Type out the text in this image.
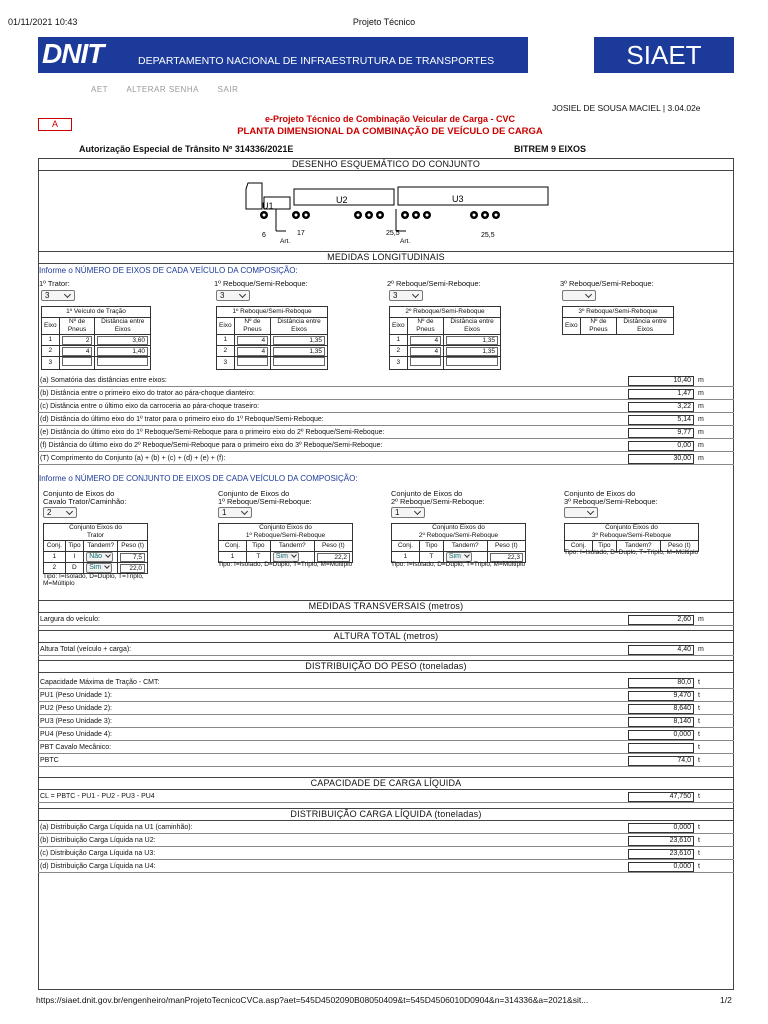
01/11/2021 10:43	Projeto Técnico
DNIT	DEPARTAMENTO NACIONAL DE INFRAESTRUTURA DE TRANSPORTES	SIAET
AET ALTERAR SENHA SAIR
JOSIEL DE SOUSA MACIEL | 3.04.02e
A	e-Projeto Técnico de Combinação Veicular de Carga - CVC
PLANTA DIMENSIONAL DA COMBINAÇÃO DE VEÍCULO DE CARGA
Autorização Especial de Trânsito Nº 314336/2021E	BITREM 9 EIXOS
DESENHO ESQUEMÁTICO DO CONJUNTO
U1
U2	U3
6	17	25,5	25,5
Art.	Art.
MEDIDAS LONGITUDINAIS
Informe o NÚMERO DE EIXOS DE CADA VEÍCULO DA COMPOSIÇÃO:
1º Trator:
3
1º Veículo de Tração		
Eixo	Nº de Pneus	Distância entre Eixos
1	2	3,60
2	4	1,40
3		
1º Reboque/Semi-Reboque:
3
1º Reboque/Semi-Reboque		
Eixo	Nº de Pneus	Distância entre Eixos
1	4	1,35
2	4	1,35
3		
2º Reboque/Semi-Reboque:
3
2º Reboque/Semi-Reboque		
Eixo	Nº de Pneus	Distância entre Eixos
1	4	1,35
2	4	1,35
3		
3º Reboque/Semi-Reboque:
3º Reboque/Semi-Reboque
Eixo	Nº de Pneus	Distância entre Eixos
(a) Somatória das distâncias entre eixos:	10,40	m
(b) Distância entre o primeiro eixo do trator ao pára-choque dianteiro:	1,47	m
(c) Distância entre o último eixo da carroceria ao pára-choque traseiro:	3,22	m
(d) Distância do último eixo do 1º trator para o primeiro eixo do 1º Reboque/Semi-Reboque:	5,14	m
(e) Distância do último eixo do 1º Reboque/Semi-Reboque para o primeiro eixo do 2º Reboque/Semi-Reboque:	9,77	m
(f) Distância do último eixo do 2º Reboque/Semi-Reboque para o primeiro eixo do 3º Reboque/Semi-Reboque:	0,00	m
(T) Comprimento do Conjunto (a) + (b) + (c) + (d) + (e) + (f):	30,00	m
Informe o NÚMERO DE CONJUNTO DE EIXOS DE CADA VEÍCULO DA COMPOSIÇÃO:
Conjunto de Eixos do
Cavalo Trator/Caminhão:
2
Conjunto Eixos do
Trator			

Conj.	Tipo	Tandem?	Peso (t)
1	I	Não	7,5
2	D	Sim	22,0
Tipo: I=Isolado, D=Duplo, T=Triplo, M=Múltiplo
Conjunto de Eixos do
1º Reboque/Semi-Reboque:
1
Conjunto Eixos do
1º Reboque/Semi-Reboque			

Conj.	Tipo	Tandem?	Peso (t)
1	T	Sim	22,2
Tipo: I=Isolado, D=Duplo, T=Triplo, M=Múltiplo
Conjunto de Eixos do
2º Reboque/Semi-Reboque:
1
Conjunto Eixos do
2º Reboque/Semi-Reboque			

Conj.	Tipo	Tandem?	Peso (t)
1	T	Sim	22,3
Tipo: I=Isolado, D=Duplo, T=Triplo, M=Múltiplo
Conjunto de Eixos do
3º Reboque/Semi-Reboque:
Conjunto Eixos do
3º Reboque/Semi-Reboque

Conj.	Tipo	Tandem?	Peso (t)
Tipo: I=Isolado, D=Duplo, T=Triplo, M=Múltiplo
MEDIDAS TRANSVERSAIS (metros)
Largura do veículo:	2,60	m
ALTURA TOTAL (metros)
Altura Total (veículo + carga):	4,40	m
DISTRIBUIÇÃO DO PESO (toneladas)
Capacidade Máxima de Tração - CMT:	80,0	t
PU1 (Peso Unidade 1):	9,470	t
PU2 (Peso Unidade 2):	8,640	t
PU3 (Peso Unidade 3):	8,140	t
PU4 (Peso Unidade 4):	0,000	t
PBT Cavalo Mecânico:	t
PBTC	74,0	t
CAPACIDADE DE CARGA LÍQUIDA
CL = PBTC - PU1 - PU2 - PU3 - PU4	47,750	t
DISTRIBUIÇÃO CARGA LÍQUIDA (toneladas)
(a) Distribuição Carga Líquida na U1 (caminhão):	0,000	t
(b) Distribuição Carga Líquida na U2:	23,610	t
(c) Distribuição Carga Líquida na U3:	23,610	t
(d) Distribuição Carga Líquida na U4:	0,000	t
https://siaet.dnit.gov.br/engenheiro/manProjetoTecnicoCVCa.asp?aet=545D4502090B08050409&t=545D4506010D0904&n=314336&a=2021&sit...	1/2
